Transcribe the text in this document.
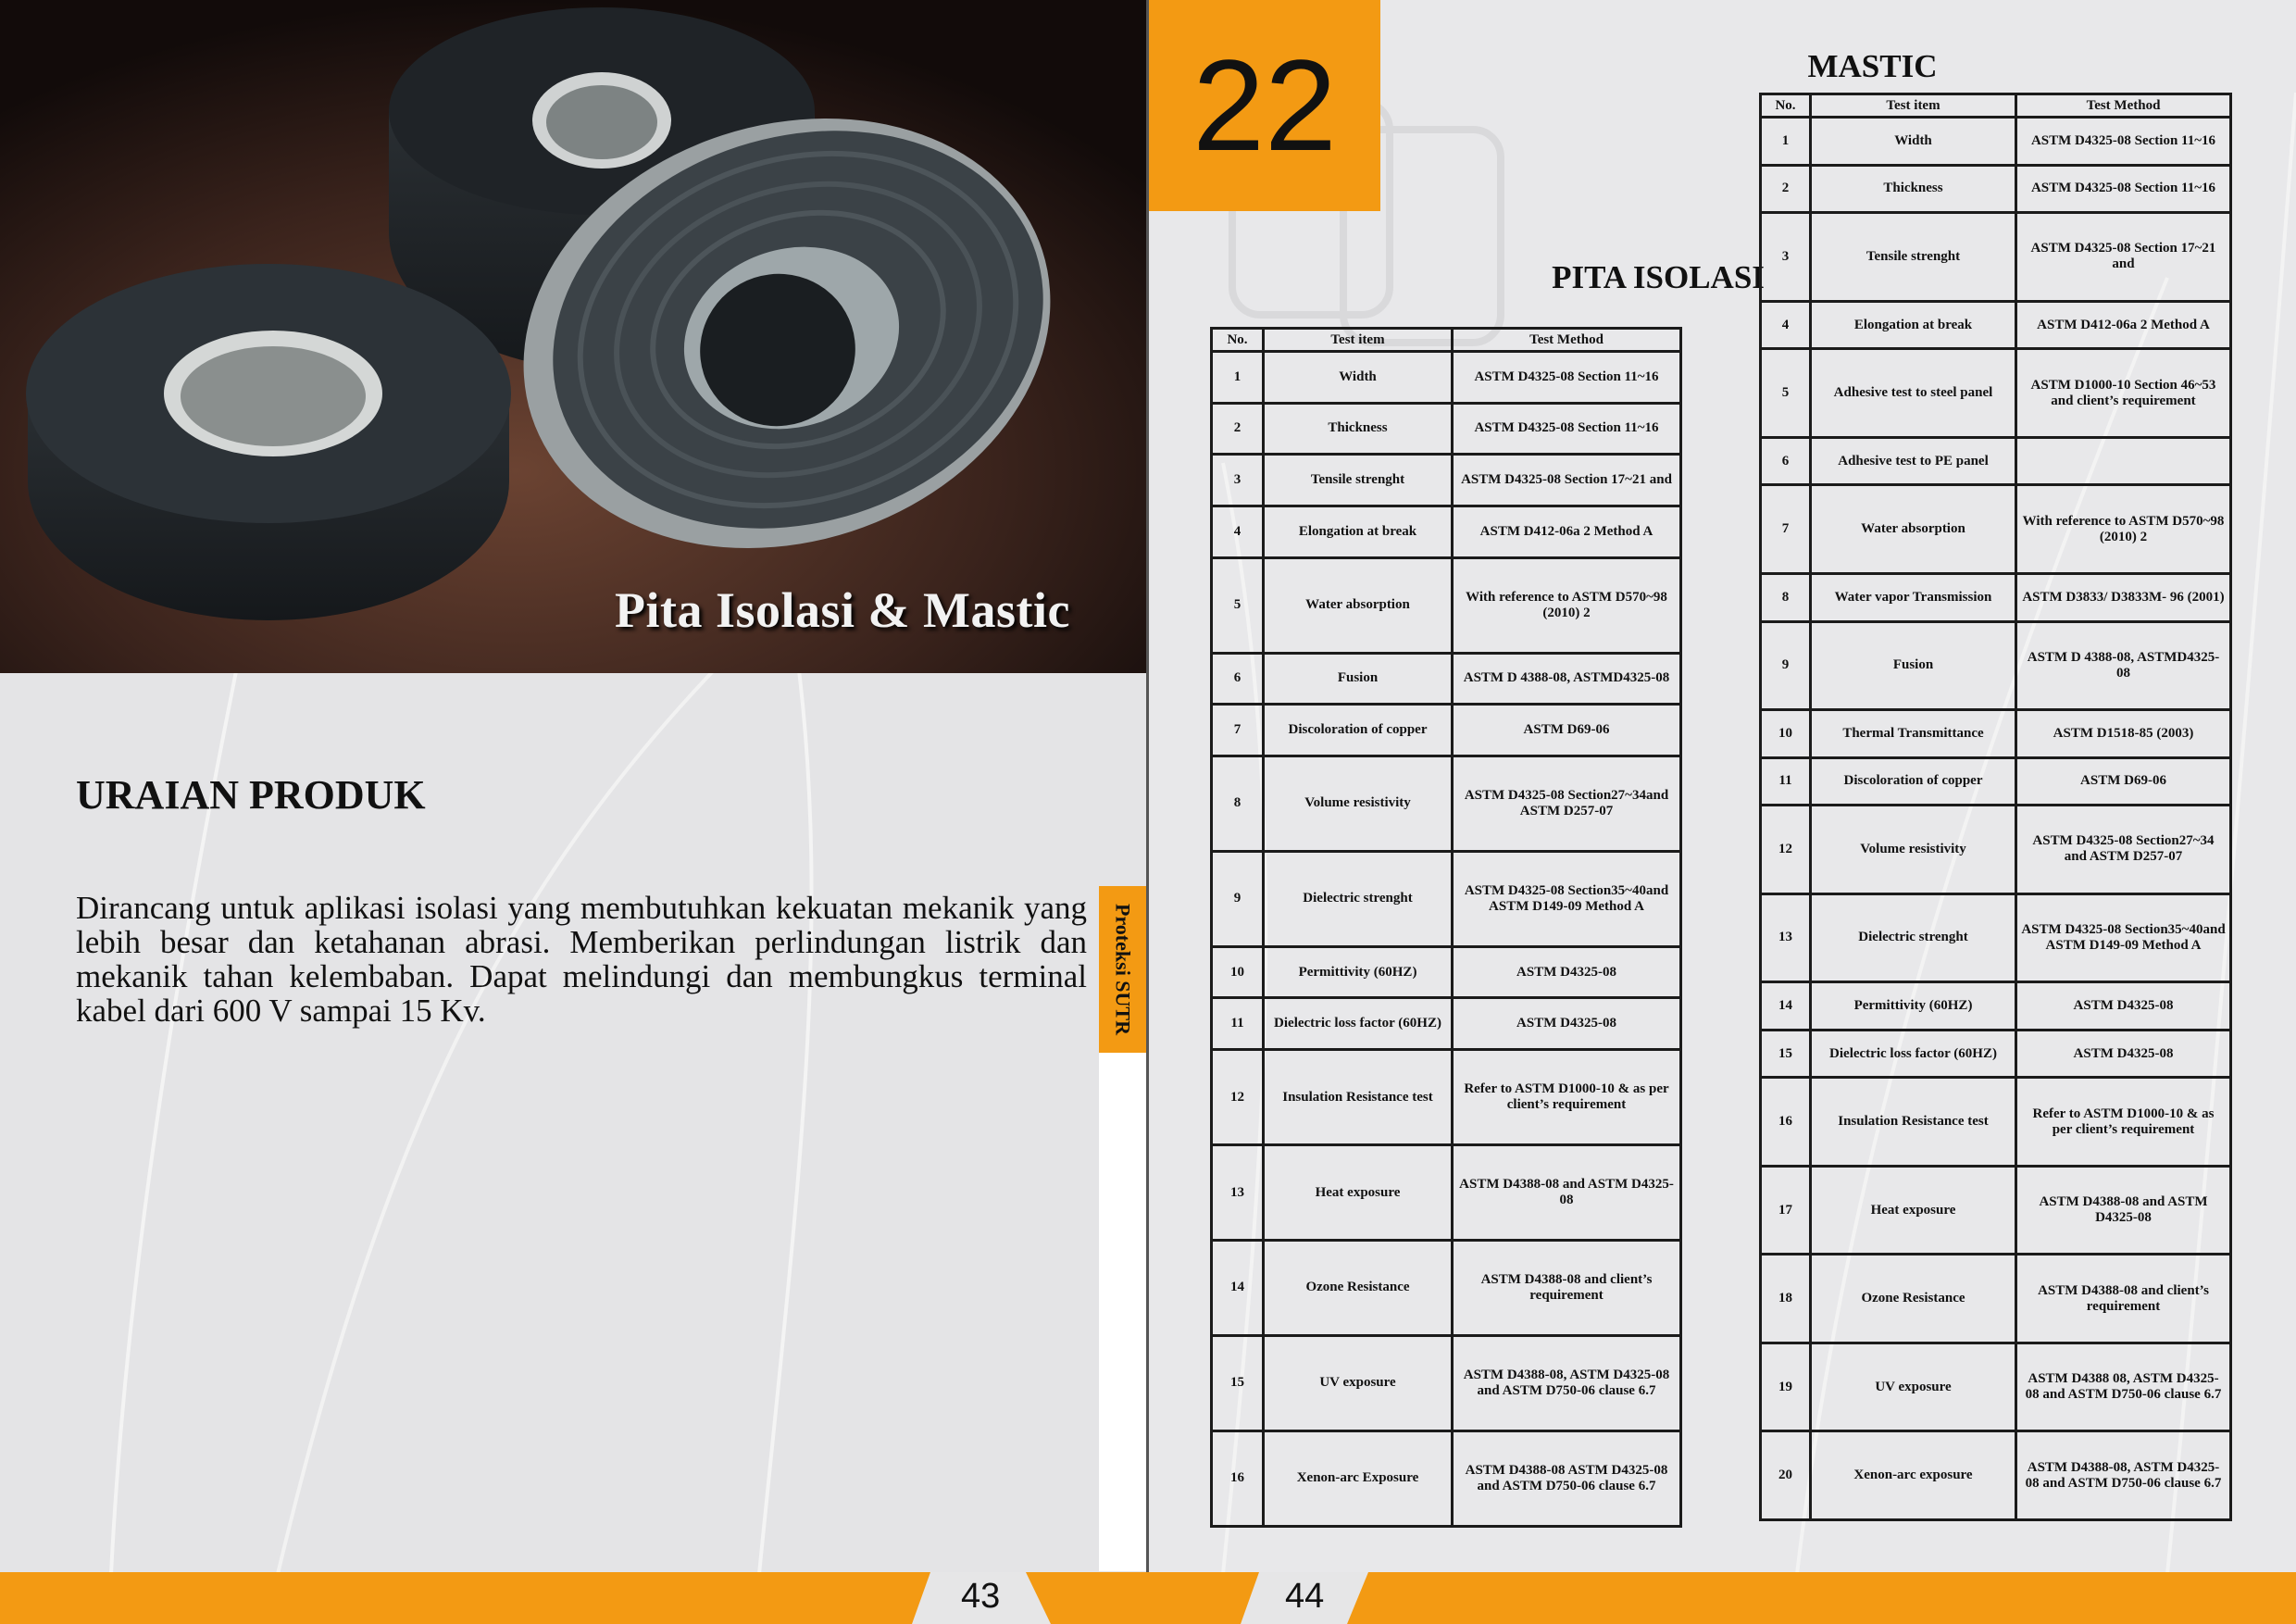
Pita Isolasi & Mastic
URAIAN PRODUK

Dirancang untuk aplikasi isolasi yang membutuhkan kekuatan mekanik yang lebih besar dan ketahanan abrasi. Memberikan perlindungan listrik dan mekanik tahan kelembaban. Dapat melindungi dan membungkus terminal kabel dari 600 V sampai 15 Kv.	Proteksi SUTR
22
PITA ISOLASI
MASTIC
No.	Test item	Test Method
1	Width	ASTM D4325-08 Section 11~16
2	Thickness	ASTM D4325-08 Section 11~16
3	Tensile strenght	ASTM D4325-08 Section 17~21 and
4	Elongation at break	ASTM D412-06a 2 Method A
5	Water absorption	With reference to ASTM D570~98 (2010) 2
6	Fusion	ASTM D 4388-08, ASTMD4325-08
7	Discoloration of copper	ASTM D69-06
8	Volume resistivity	ASTM D4325-08 Section27~34and ASTM D257-07
9	Dielectric strenght	ASTM D4325-08 Section35~40and ASTM D149-09 Method A
10	Permittivity (60HZ)	ASTM D4325-08
11	Dielectric loss factor (60HZ)	ASTM D4325-08
12	Insulation Resistance test	Refer to ASTM D1000-10 & as per client’s requirement
13	Heat exposure	ASTM D4388-08 and ASTM D4325-08
14	Ozone Resistance	ASTM D4388-08 and client’s requirement
15	UV exposure	ASTM D4388-08, ASTM D4325-08 and ASTM D750-06 clause 6.7
16	Xenon-arc Exposure	ASTM D4388-08 ASTM D4325-08 and ASTM D750-06 clause 6.7
No.	Test item	Test Method
1	Width	ASTM D4325-08 Section 11~16
2	Thickness	ASTM D4325-08 Section 11~16
3	Tensile strenght	ASTM D4325-08 Section 17~21 and
4	Elongation at break	ASTM D412-06a 2 Method A
5	Adhesive test to steel panel	ASTM D1000-10 Section 46~53 and client’s requirement
6	Adhesive test to PE panel	
7	Water absorption	With reference to ASTM D570~98 (2010) 2
8	Water vapor Transmission	ASTM D3833/ D3833M- 96 (2001)
9	Fusion	ASTM D 4388-08, ASTMD4325-08
10	Thermal Transmittance	ASTM D1518-85 (2003)
11	Discoloration of copper	ASTM D69-06
12	Volume resistivity	ASTM D4325-08 Section27~34 and ASTM D257-07
13	Dielectric strenght	ASTM D4325-08 Section35~40and ASTM D149-09 Method A
14	Permittivity (60HZ)	ASTM D4325-08
15	Dielectric loss factor (60HZ)	ASTM D4325-08
16	Insulation Resistance test	Refer to ASTM D1000-10 & as per client’s requirement
17	Heat exposure	ASTM D4388-08 and ASTM D4325-08
18	Ozone Resistance	ASTM D4388-08 and client’s requirement
19	UV exposure	ASTM D4388 08, ASTM D4325-08 and ASTM D750-06 clause 6.7
20	Xenon-arc exposure	ASTM D4388-08, ASTM D4325-08 and ASTM D750-06 clause 6.7
43	44
